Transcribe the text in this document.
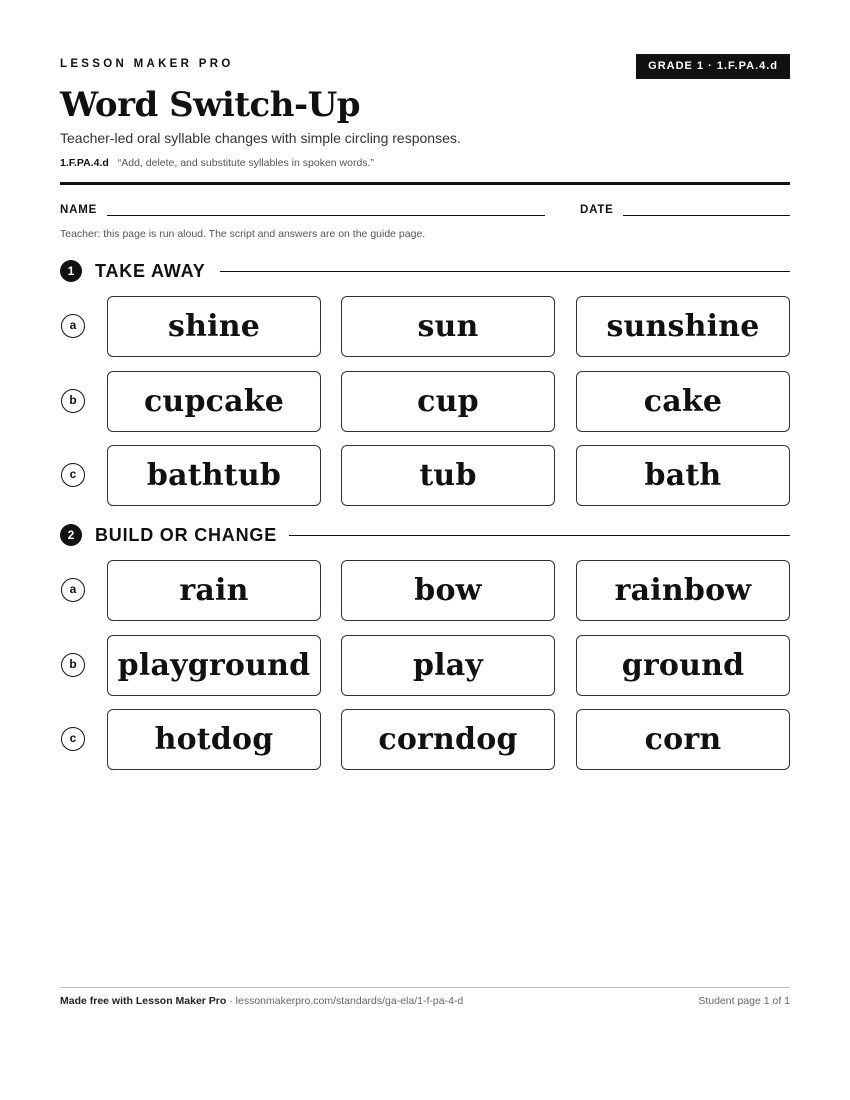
LESSON MAKER PRO	GRADE 1 · 1.F.PA.4.d
Word Switch-Up
Teacher-led oral syllable changes with simple circling responses.
1.F.PA.4.d “Add, delete, and substitute syllables in spoken words.”
NAME	DATE
Teacher: this page is run aloud. The script and answers are on the guide page.
1	TAKE AWAY
a	shine	sun	sunshine
b	cupcake	cup	cake
c	bathtub	tub	bath
2	BUILD OR CHANGE
a	rain	bow	rainbow
b	playground	play	ground
c	hotdog	corndog	corn
Made free with Lesson Maker Pro · lessonmakerpro.com/standards/ga-ela/1-f-pa-4-d	Student page 1 of 1
